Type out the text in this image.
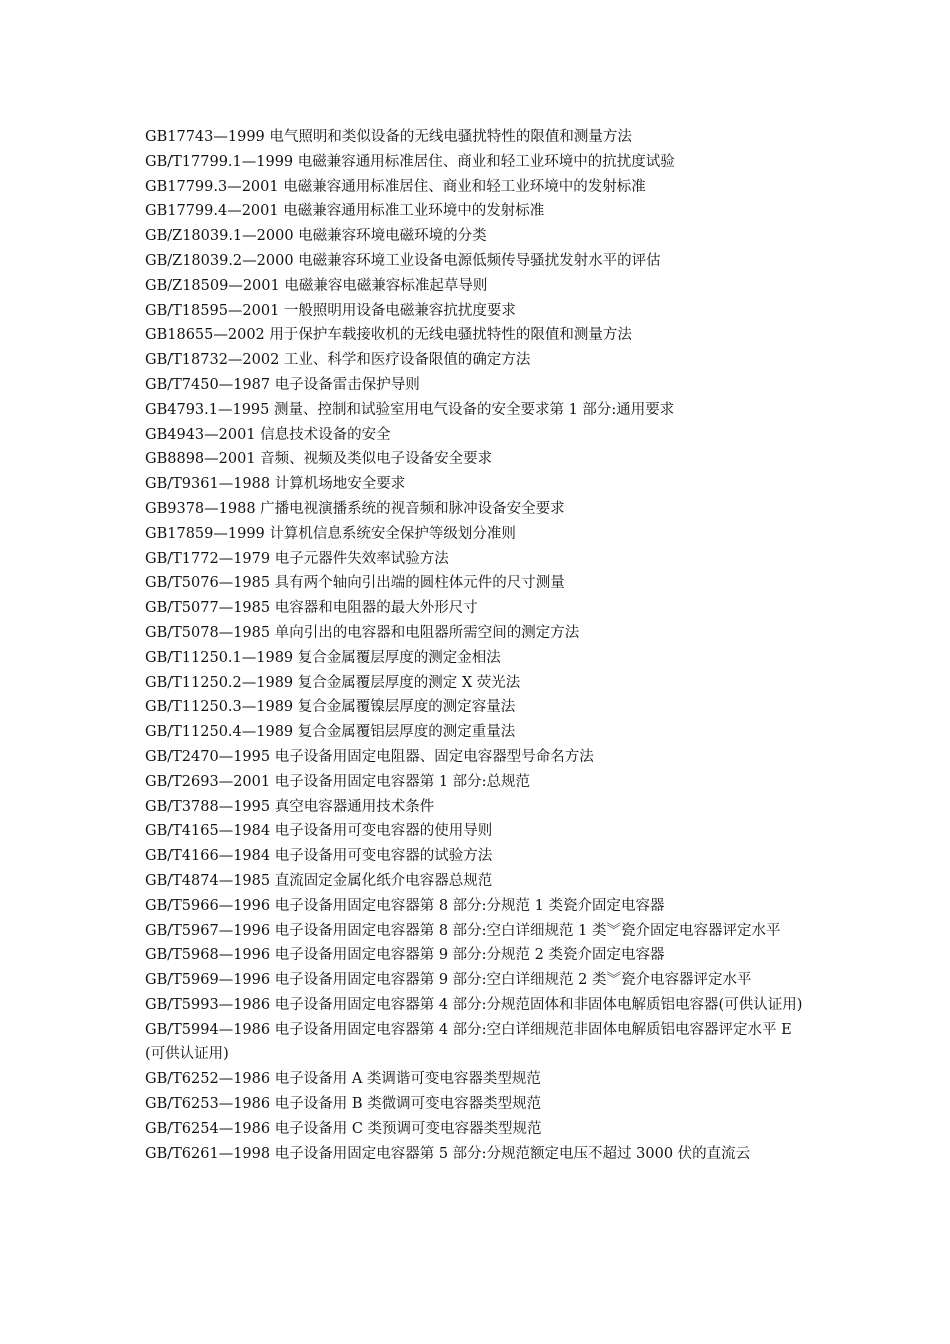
GB17743—1999 电气照明和类似设备的无线电骚扰特性的限值和测量方法
GB/T17799.1—1999 电磁兼容通用标准居住、商业和轻工业环境中的抗扰度试验
GB17799.3—2001 电磁兼容通用标准居住、商业和轻工业环境中的发射标准
GB17799.4—2001 电磁兼容通用标准工业环境中的发射标准
GB/Z18039.1—2000 电磁兼容环境电磁环境的分类
GB/Z18039.2—2000 电磁兼容环境工业设备电源低频传导骚扰发射水平的评估
GB/Z18509—2001 电磁兼容电磁兼容标准起草导则
GB/T18595—2001 一般照明用设备电磁兼容抗扰度要求
GB18655—2002 用于保护车载接收机的无线电骚扰特性的限值和测量方法
GB/T18732—2002 工业、科学和医疗设备限值的确定方法
GB/T7450—1987 电子设备雷击保护导则
GB4793.1—1995 测量、控制和试验室用电气设备的安全要求第 1 部分:通用要求
GB4943—2001 信息技术设备的安全
GB8898—2001 音频、视频及类似电子设备安全要求
GB/T9361—1988 计算机场地安全要求
GB9378—1988 广播电视演播系统的视音频和脉冲设备安全要求
GB17859—1999 计算机信息系统安全保护等级划分准则
GB/T1772—1979 电子元器件失效率试验方法
GB/T5076—1985 具有两个轴向引出端的圆柱体元件的尺寸测量
GB/T5077—1985 电容器和电阻器的最大外形尺寸
GB/T5078—1985 单向引出的电容器和电阻器所需空间的测定方法
GB/T11250.1—1989 复合金属覆层厚度的测定金相法
GB/T11250.2—1989 复合金属覆层厚度的测定 X 荧光法
GB/T11250.3—1989 复合金属覆镍层厚度的测定容量法
GB/T11250.4—1989 复合金属覆铝层厚度的测定重量法
GB/T2470—1995 电子设备用固定电阻器、固定电容器型号命名方法
GB/T2693—2001 电子设备用固定电容器第 1 部分:总规范
GB/T3788—1995 真空电容器通用技术条件
GB/T4165—1984 电子设备用可变电容器的使用导则
GB/T4166—1984 电子设备用可变电容器的试验方法
GB/T4874—1985 直流固定金属化纸介电容器总规范
GB/T5966—1996 电子设备用固定电容器第 8 部分:分规范 1 类瓷介固定电容器
GB/T5967—1996 电子设备用固定电容器第 8 部分:空白详细规范 1 类︾瓷介固定电容器评定水平
GB/T5968—1996 电子设备用固定电容器第 9 部分:分规范 2 类瓷介固定电容器
GB/T5969—1996 电子设备用固定电容器第 9 部分:空白详细规范 2 类︾瓷介电容器评定水平
GB/T5993—1986 电子设备用固定电容器第 4 部分:分规范固体和非固体电解质铝电容器(可供认证用)
GB/T5994—1986 电子设备用固定电容器第 4 部分:空白详细规范非固体电解质铝电容器评定水平 E(可供认证用)
GB/T6252—1986 电子设备用 A 类调谐可变电容器类型规范
GB/T6253—1986 电子设备用 B 类微调可变电容器类型规范
GB/T6254—1986 电子设备用 C 类预调可变电容器类型规范
GB/T6261—1998 电子设备用固定电容器第 5 部分:分规范额定电压不超过 3000 伏的直流云
